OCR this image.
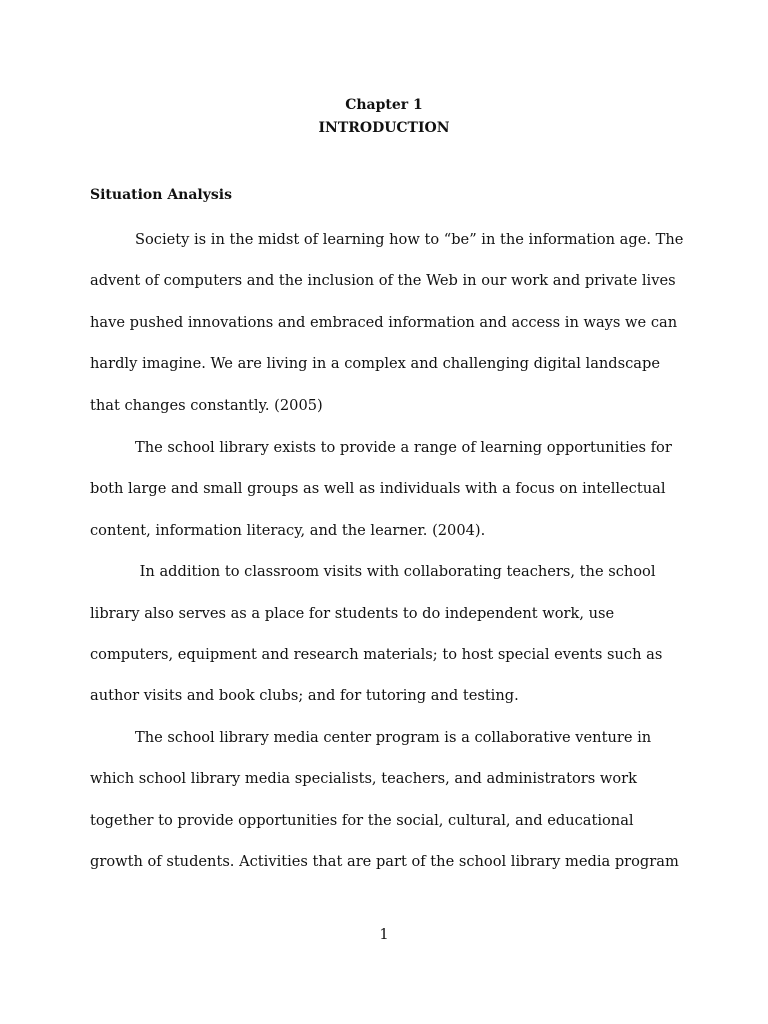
Chapter 1
INTRODUCTION
Situation Analysis
Society is in the midst of learning how to “be” in the information age. The
advent of computers and the inclusion of the Web in our work and private lives
have pushed innovations and embraced information and access in ways we can
hardly imagine. We are living in a complex and challenging digital landscape
that changes constantly. (2005)
The school library exists to provide a range of learning opportunities for
both large and small groups as well as individuals with a focus on intellectual
content, information literacy, and the learner. (2004).
In addition to classroom visits with collaborating teachers, the school
library also serves as a place for students to do independent work, use
computers, equipment and research materials; to host special events such as
author visits and book clubs; and for tutoring and testing.
The school library media center program is a collaborative venture in
which school library media specialists, teachers, and administrators work
together to provide opportunities for the social, cultural, and educational
growth of students. Activities that are part of the school library media program
1
